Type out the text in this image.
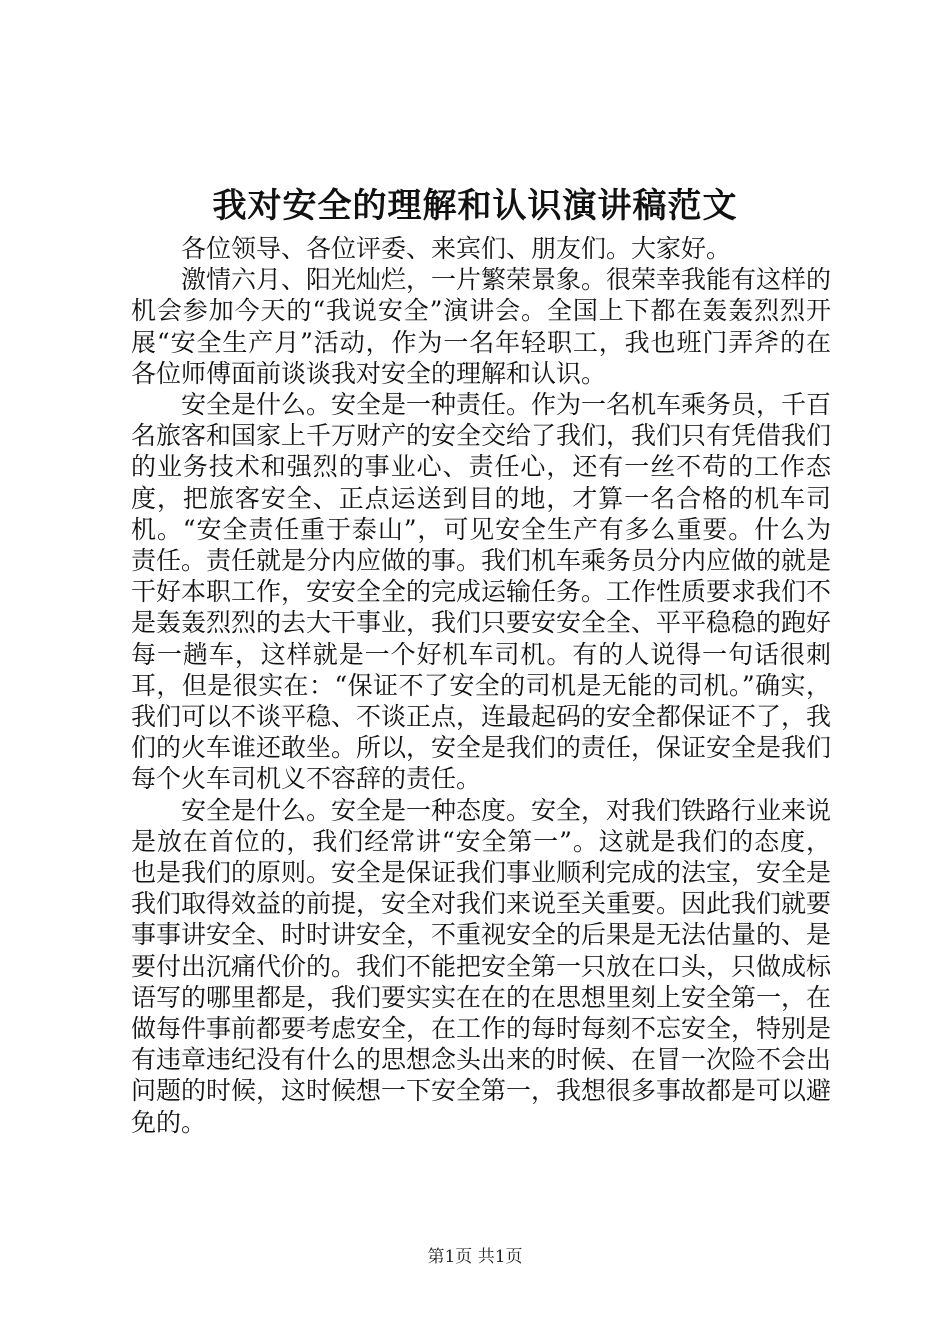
我对安全的理解和认识演讲稿范文

各位领导、各位评委、来宾们、朋友们。大家好。

激情六月、阳光灿烂，一片繁荣景象。很荣幸我能有这样的机会参加今天的“我说安全”演讲会。全国上下都在轰轰烈烈开展“安全生产月”活动，作为一名年轻职工，我也班门弄斧的在各位师傅面前谈谈我对安全的理解和认识。

安全是什么。安全是一种责任。作为一名机车乘务员，千百名旅客和国家上千万财产的安全交给了我们，我们只有凭借我们的业务技术和强烈的事业心、责任心，还有一丝不苟的工作态度，把旅客安全、正点运送到目的地，才算一名合格的机车司机。“安全责任重于泰山”，可见安全生产有多么重要。什么为责任。责任就是分内应做的事。我们机车乘务员分内应做的就是干好本职工作，安安全全的完成运输任务。工作性质要求我们不是轰轰烈烈的去大干事业，我们只要安安全全、平平稳稳的跑好每一趟车，这样就是一个好机车司机。有的人说得一句话很刺耳，但是很实在：“保证不了安全的司机是无能的司机。”确实，我们可以不谈平稳、不谈正点，连最起码的安全都保证不了，我们的火车谁还敢坐。所以，安全是我们的责任，保证安全是我们每个火车司机义不容辞的责任。

安全是什么。安全是一种态度。安全，对我们铁路行业来说是放在首位的，我们经常讲“安全第一”。这就是我们的态度，也是我们的原则。安全是保证我们事业顺利完成的法宝，安全是我们取得效益的前提，安全对我们来说至关重要。因此我们就要事事讲安全、时时讲安全，不重视安全的后果是无法估量的、是要付出沉痛代价的。我们不能把安全第一只放在口头，只做成标语写的哪里都是，我们要实实在在的在思想里刻上安全第一，在做每件事前都要考虑安全，在工作的每时每刻不忘安全，特别是有违章违纪没有什么的思想念头出来的时候、在冒一次险不会出问题的时候，这时候想一下安全第一，我想很多事故都是可以避免的。

第1页 共1页
